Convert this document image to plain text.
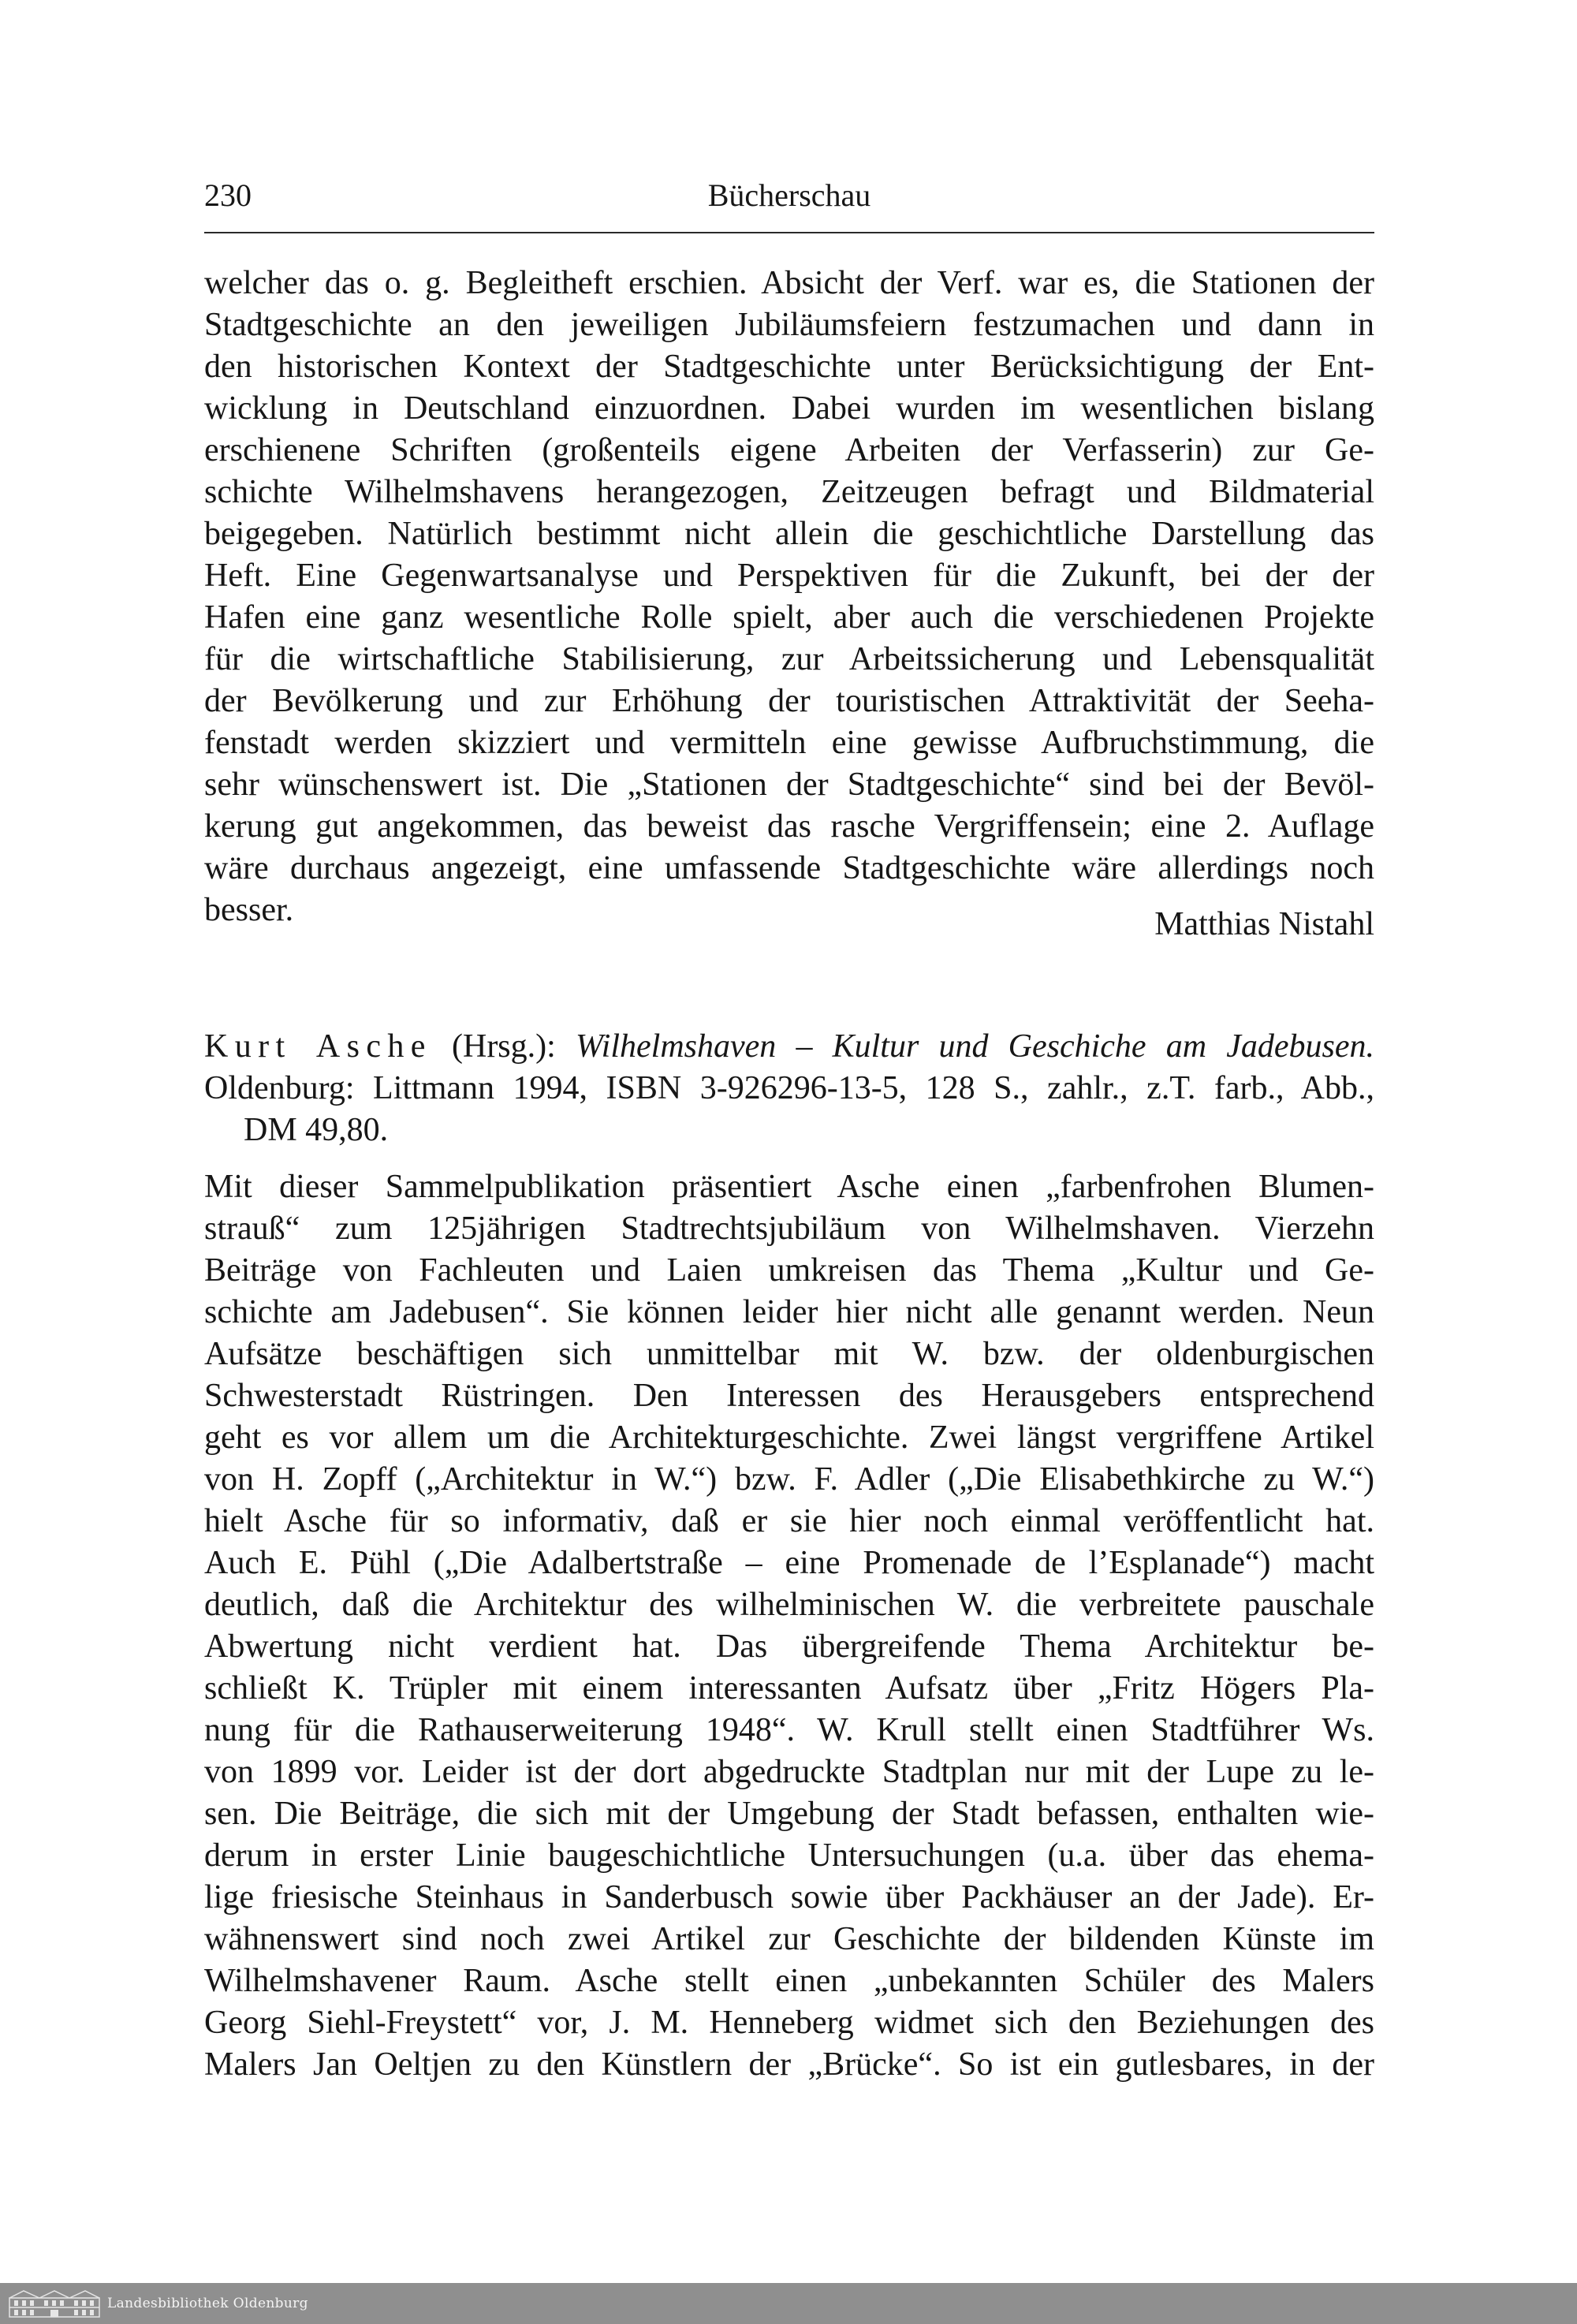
230	Bücherschau
welcher das o. g. Begleitheft erschien. Absicht der Verf. war es, die Stationen der
Stadtgeschichte an den jeweiligen Jubiläumsfeiern festzumachen und dann in
den historischen Kontext der Stadtgeschichte unter Berücksichtigung der Ent-
wicklung in Deutschland einzuordnen. Dabei wurden im wesentlichen bislang
erschienene Schriften (großenteils eigene Arbeiten der Verfasserin) zur Ge-
schichte Wilhelmshavens herangezogen, Zeitzeugen befragt und Bildmaterial
beigegeben. Natürlich bestimmt nicht allein die geschichtliche Darstellung das
Heft. Eine Gegenwartsanalyse und Perspektiven für die Zukunft, bei der der
Hafen eine ganz wesentliche Rolle spielt, aber auch die verschiedenen Projekte
für die wirtschaftliche Stabilisierung, zur Arbeitssicherung und Lebensqualität
der Bevölkerung und zur Erhöhung der touristischen Attraktivität der Seeha-
fenstadt werden skizziert und vermitteln eine gewisse Aufbruchstimmung, die
sehr wünschenswert ist. Die „Stationen der Stadtgeschichte“ sind bei der Bevöl-
kerung gut angekommen, das beweist das rasche Vergriffensein; eine 2. Auflage
wäre durchaus angezeigt, eine umfassende Stadtgeschichte wäre allerdings noch
besser.	Matthias Nistahl
Kurt Asche (Hrsg.): Wilhelmshaven – Kultur und Geschiche am Jadebusen.
Oldenburg: Littmann 1994, ISBN 3-926296-13-5, 128 S., zahlr., z.T. farb., Abb.,
DM 49,80.
Mit dieser Sammelpublikation präsentiert Asche einen „farbenfrohen Blumen-
strauß“ zum 125jährigen Stadtrechtsjubiläum von Wilhelmshaven. Vierzehn
Beiträge von Fachleuten und Laien umkreisen das Thema „Kultur und Ge-
schichte am Jadebusen“. Sie können leider hier nicht alle genannt werden. Neun
Aufsätze beschäftigen sich unmittelbar mit W. bzw. der oldenburgischen
Schwesterstadt Rüstringen. Den Interessen des Herausgebers entsprechend
geht es vor allem um die Architekturgeschichte. Zwei längst vergriffene Artikel
von H. Zopff („Architektur in W.“) bzw. F. Adler („Die Elisabethkirche zu W.“)
hielt Asche für so informativ, daß er sie hier noch einmal veröffentlicht hat.
Auch E. Pühl („Die Adalbertstraße – eine Promenade de l’Esplanade“) macht
deutlich, daß die Architektur des wilhelminischen W. die verbreitete pauschale
Abwertung nicht verdient hat. Das übergreifende Thema Architektur be-
schließt K. Trüpler mit einem interessanten Aufsatz über „Fritz Högers Pla-
nung für die Rathauserweiterung 1948“. W. Krull stellt einen Stadtführer Ws.
von 1899 vor. Leider ist der dort abgedruckte Stadtplan nur mit der Lupe zu le-
sen. Die Beiträge, die sich mit der Umgebung der Stadt befassen, enthalten wie-
derum in erster Linie baugeschichtliche Untersuchungen (u.a. über das ehema-
lige friesische Steinhaus in Sanderbusch sowie über Packhäuser an der Jade). Er-
wähnenswert sind noch zwei Artikel zur Geschichte der bildenden Künste im
Wilhelmshavener Raum. Asche stellt einen „unbekannten Schüler des Malers
Georg Siehl-Freystett“ vor, J. M. Henneberg widmet sich den Beziehungen des
Malers Jan Oeltjen zu den Künstlern der „Brücke“. So ist ein gutlesbares, in der
Landesbibliothek Oldenburg
